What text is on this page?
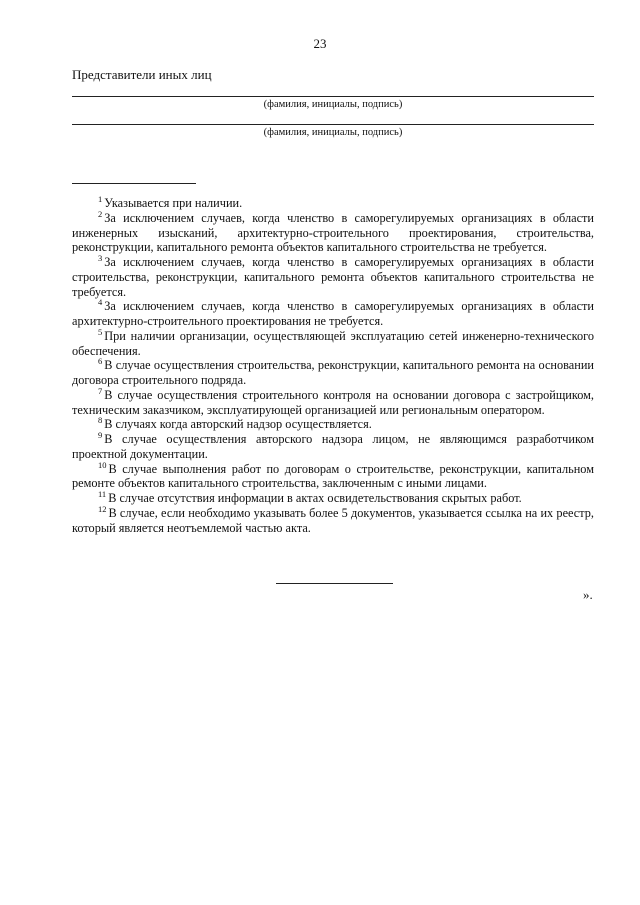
23
Представители иных лиц
(фамилия, инициалы, подпись)
(фамилия, инициалы, подпись)

$^1$ Указывается при наличии.

$^2$ За исключением случаев, когда членство в саморегулируемых организациях в области инженерных изысканий, архитектурно-строительного проектирования, строительства, реконструкции, капитального ремонта объектов капитального строительства не требуется.

$^3$ За исключением случаев, когда членство в саморегулируемых организациях в области строительства, реконструкции, капитального ремонта объектов капитального строительства не требуется.

$^4$ За исключением случаев, когда членство в саморегулируемых организациях в области архитектурно-строительного проектирования не требуется.

$^5$ При наличии организации, осуществляющей эксплуатацию сетей инженерно-технического обеспечения.

$^6$ В случае осуществления строительства, реконструкции, капитального ремонта на основании договора строительного подряда.

$^7$ В случае осуществления строительного контроля на основании договора с застройщиком, техническим заказчиком, эксплуатирующей организацией или региональным оператором.

$^8$ В случаях когда авторский надзор осуществляется.

$^9$ В случае осуществления авторского надзора лицом, не являющимся разработчиком проектной документации.

$^{10}$ В случае выполнения работ по договорам о строительстве, реконструкции, капитальном ремонте объектов капитального строительства, заключенным с иными лицами.

$^{11}$ В случае отсутствия информации в актах освидетельствования скрытых работ.

$^{12}$ В случае, если необходимо указывать более 5 документов, указывается ссылка на их реестр, который является неотъемлемой частью акта.

».
